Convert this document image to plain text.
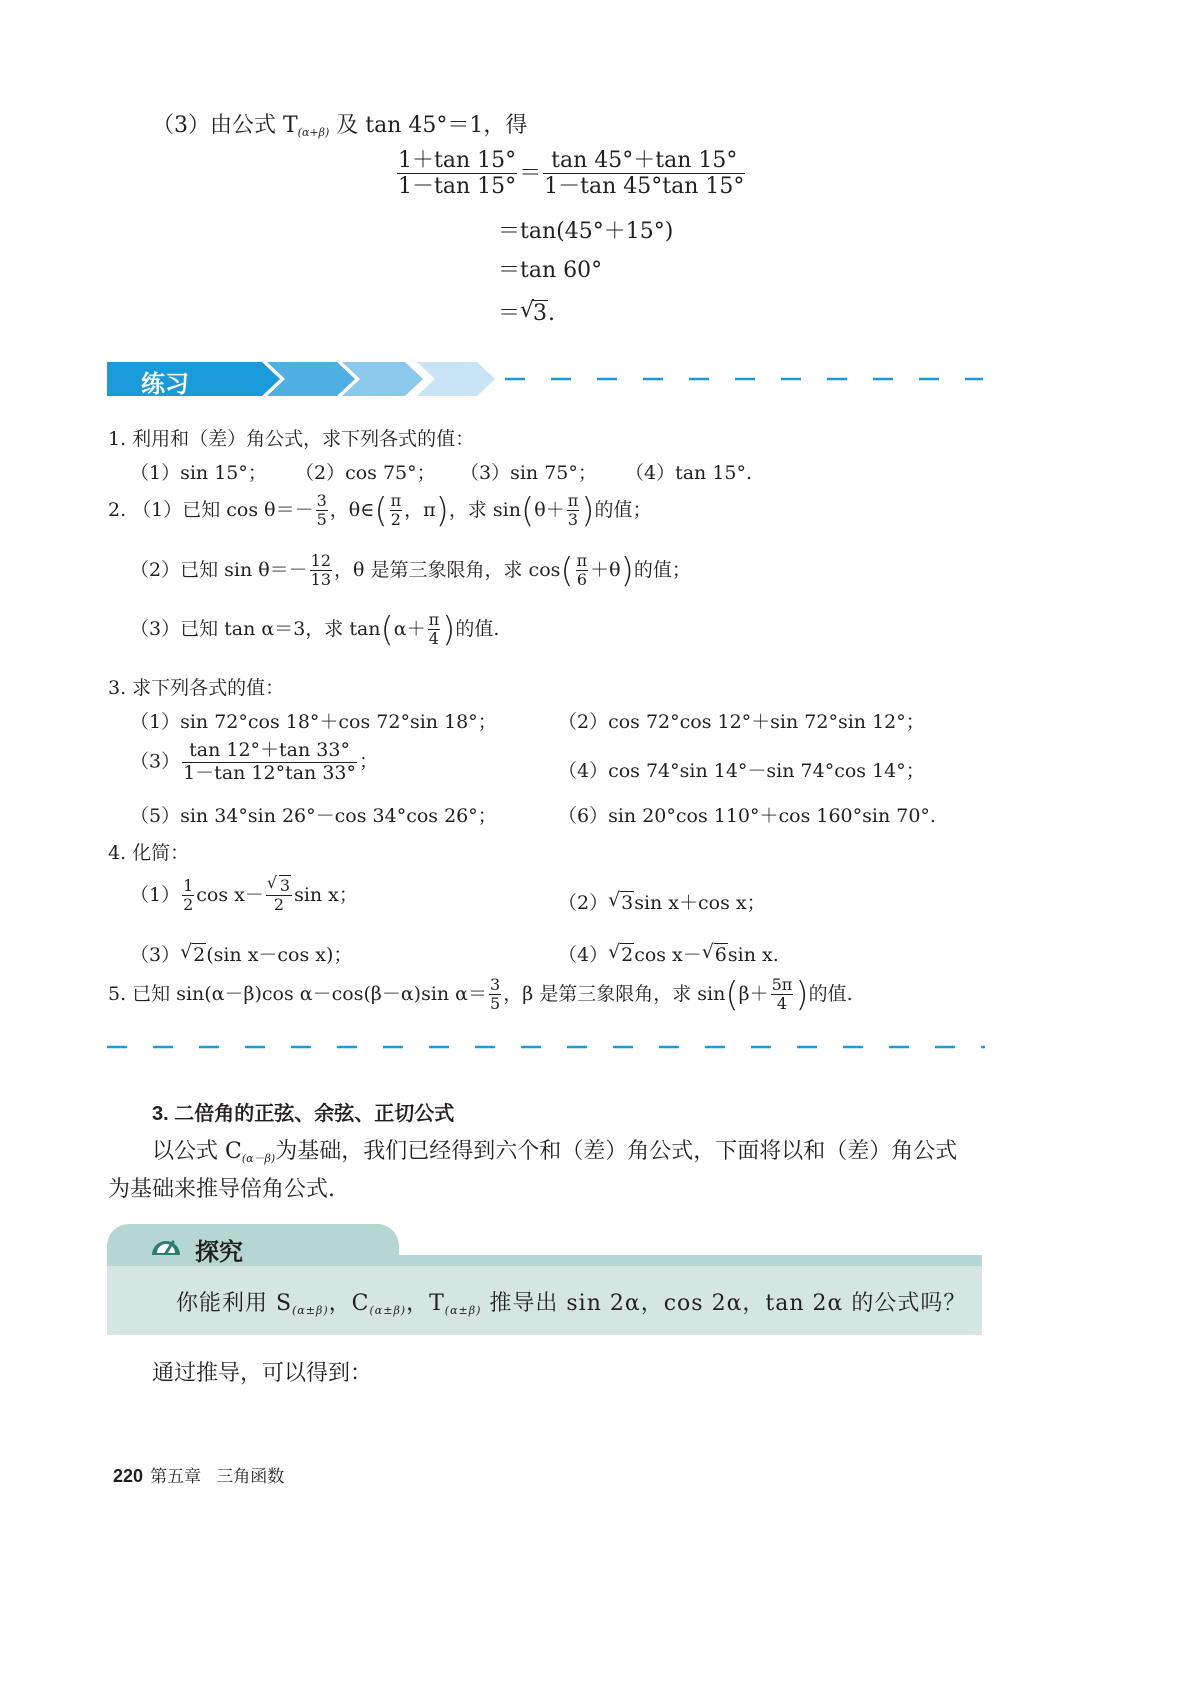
（3）由公式 $T_{(\alpha+\beta)}$ 及 tan 45°＝1，得
$\frac{1+\tan 15^\circ}{1-\tan 15^\circ} = \frac{\tan 45^\circ+\tan 15^\circ}{1-\tan 45^\circ\tan 15^\circ}$
＝tan(45°＋15°)
＝tan 60°
＝ √ 3.
练习
1. 利用和（差）角公式，求下列各式的值：
（1）sin 15°； （2）cos 75°； （3）sin 75°； （4）tan 15°.
2. （1）已知 $\cos \theta=- \frac{3}{5}$ ，θ∈( $\frac{\pi}{2}$ ，π)，求 $\sin(\theta+ \frac{\pi}{3}$ )的值；
（2）已知 $\sin \theta=- \frac{12}{13}$ ，θ 是第三象限角，求 $\cos( \frac{\pi}{6} +\theta)$的值；
（3）已知 tan α＝3，求 $\tan(\alpha+ \frac{\pi}{4}$ )的值.
3. 求下列各式的值：
（1）sin 72°cos 18°＋cos 72°sin 18°；	（2）cos 72°cos 12°＋sin 72°sin 12°；
$(3) \frac{\tan 12^\circ+\tan 33^\circ}{1-\tan 12^\circ\tan 33^\circ}$ ；	（4）cos 74°sin 14°－sin 74°cos 14°；
（5）sin 34°sin 26°－cos 34°cos 26°；	（6）sin 20°cos 110°＋cos 160°sin 70°.
4. 化简：
$(1) \frac{1}{2}$ cos x－ √ $\frac{3}{2}$ sin x；	（2） √ 3sin x＋cos x；
（3） √ 2(sin x－cos x)；	（4） √ 2cos x－ √ 6sin x.
5. 已知 sin(α－β)cos α－cos(β－α)sin $\alpha= \frac{3}{5}$ ，β 是第三象限角，求 $\sin(\beta+ \frac{5\pi}{4}$ )的值.
3. 二倍角的正弦、余弦、正切公式
以公式 $C_{(\alpha-\beta)}$为基础，我们已经得到六个和（差）角公式，下面将以和（差）角公式
为基础来推导倍角公式.
探究
你能利用 $S_{(\alpha\pm\beta)}$，$C_{(\alpha\pm\beta)}$，$T_{(\alpha\pm\beta)}$ 推导出 sin 2α，cos 2α，tan 2α 的公式吗？
通过推导，可以得到：
220 第五章 三角函数
